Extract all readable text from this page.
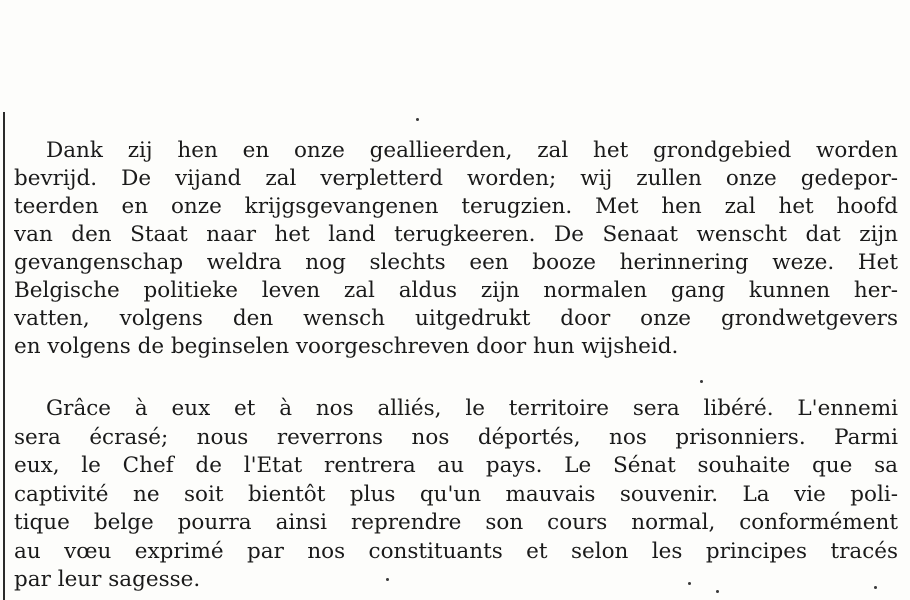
Dank zij hen en onze geallieerden, zal het grondgebied worden
bevrijd. De vijand zal verpletterd worden; wij zullen onze gedepor-
teerden en onze krijgsgevangenen terugzien. Met hen zal het hoofd
van den Staat naar het land terugkeeren. De Senaat wenscht dat zijn
gevangenschap weldra nog slechts een booze herinnering weze. Het
Belgische politieke leven zal aldus zijn normalen gang kunnen her-
vatten, volgens den wensch uitgedrukt door onze grondwetgevers
en volgens de beginselen voorgeschreven door hun wijsheid.
Grâce à eux et à nos alliés, le territoire sera libéré. L'ennemi
sera écrasé; nous reverrons nos déportés, nos prisonniers. Parmi
eux, le Chef de l'Etat rentrera au pays. Le Sénat souhaite que sa
captivité ne soit bientôt plus qu'un mauvais souvenir. La vie poli-
tique belge pourra ainsi reprendre son cours normal, conformément
au vœu exprimé par nos constituants et selon les principes tracés
par leur sagesse.
